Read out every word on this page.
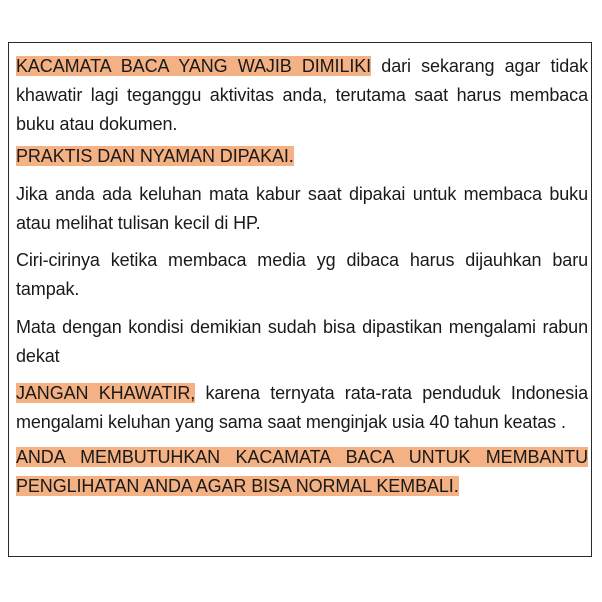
KACAMATA BACA YANG WAJIB DIMILIKI dari sekarang agar tidak khawatir lagi teganggu aktivitas anda, terutama saat harus membaca buku atau dokumen.

PRAKTIS DAN NYAMAN DIPAKAI.

Jika anda ada keluhan mata kabur saat dipakai untuk membaca buku atau melihat tulisan kecil di HP.

Ciri-cirinya ketika membaca media yg dibaca harus dijauhkan baru tampak.

Mata dengan kondisi demikian sudah bisa dipastikan mengalami rabun dekat

JANGAN KHAWATIR, karena ternyata rata-rata penduduk Indonesia mengalami keluhan yang sama saat menginjak usia 40 tahun keatas .

ANDA MEMBUTUHKAN KACAMATA BACA UNTUK MEMBANTU PENGLIHATAN ANDA AGAR BISA NORMAL KEMBALI.
